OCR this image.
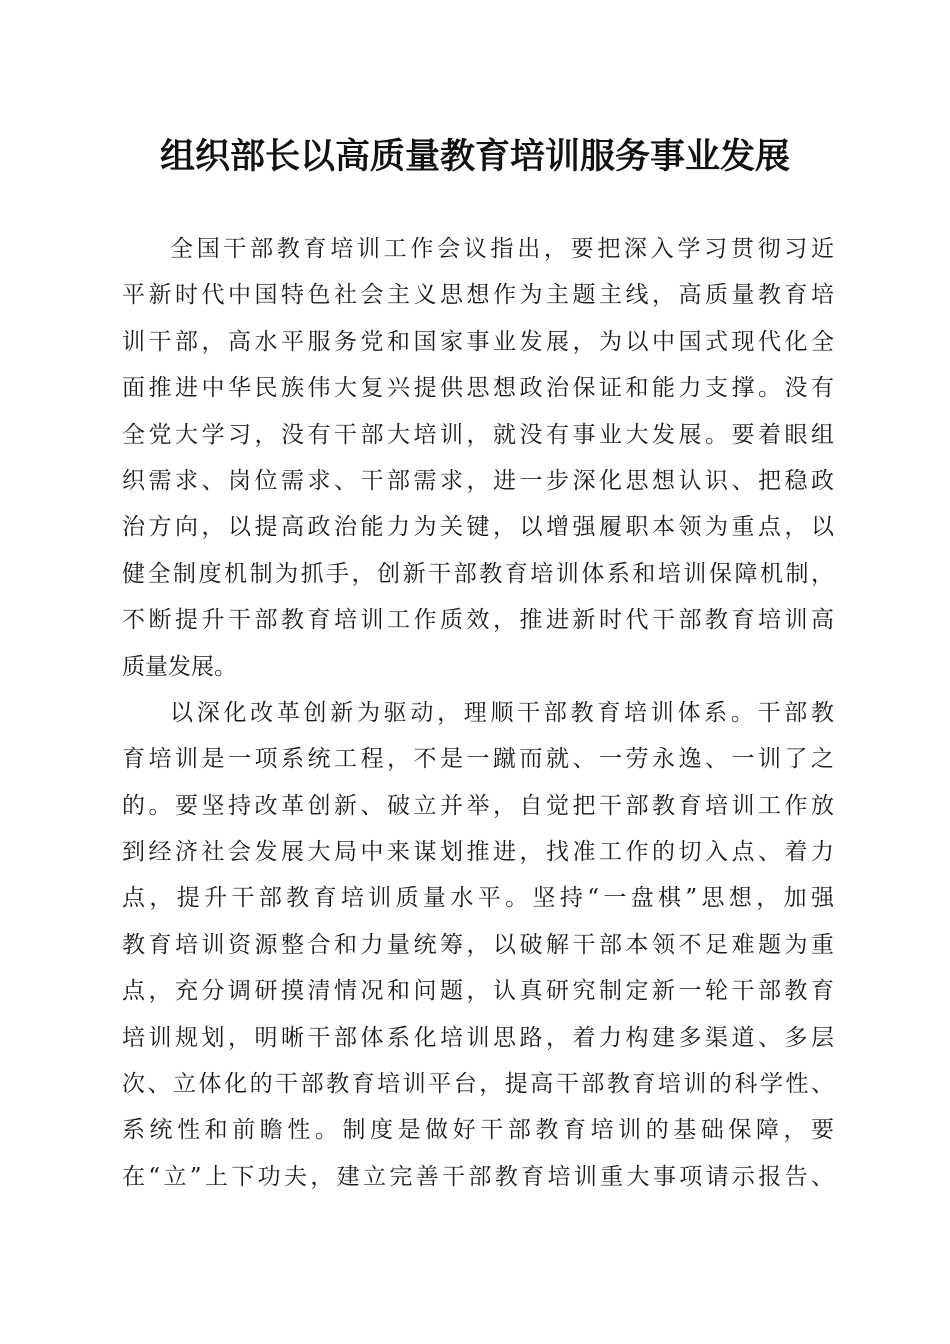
组织部长以高质量教育培训服务事业发展
全国干部教育培训工作会议指出，要把深入学习贯彻习近
平新时代中国特色社会主义思想作为主题主线，高质量教育培
训干部，高水平服务党和国家事业发展，为以中国式现代化全
面推进中华民族伟大复兴提供思想政治保证和能力支撑。没有
全党大学习，没有干部大培训，就没有事业大发展。要着眼组
织需求、岗位需求、干部需求，进一步深化思想认识、把稳政
治方向，以提高政治能力为关键，以增强履职本领为重点，以
健全制度机制为抓手，创新干部教育培训体系和培训保障机制，
不断提升干部教育培训工作质效，推进新时代干部教育培训高
质量发展。
以深化改革创新为驱动，理顺干部教育培训体系。干部教
育培训是一项系统工程，不是一蹴而就、一劳永逸、一训了之
的。要坚持改革创新、破立并举，自觉把干部教育培训工作放
到经济社会发展大局中来谋划推进，找准工作的切入点、着力
点，提升干部教育培训质量水平。坚持“一盘棋”思想，加强
教育培训资源整合和力量统筹，以破解干部本领不足难题为重
点，充分调研摸清情况和问题，认真研究制定新一轮干部教育
培训规划，明晰干部体系化培训思路，着力构建多渠道、多层
次、立体化的干部教育培训平台，提高干部教育培训的科学性、
系统性和前瞻性。制度是做好干部教育培训的基础保障，要
在“立”上下功夫，建立完善干部教育培训重大事项请示报告、
